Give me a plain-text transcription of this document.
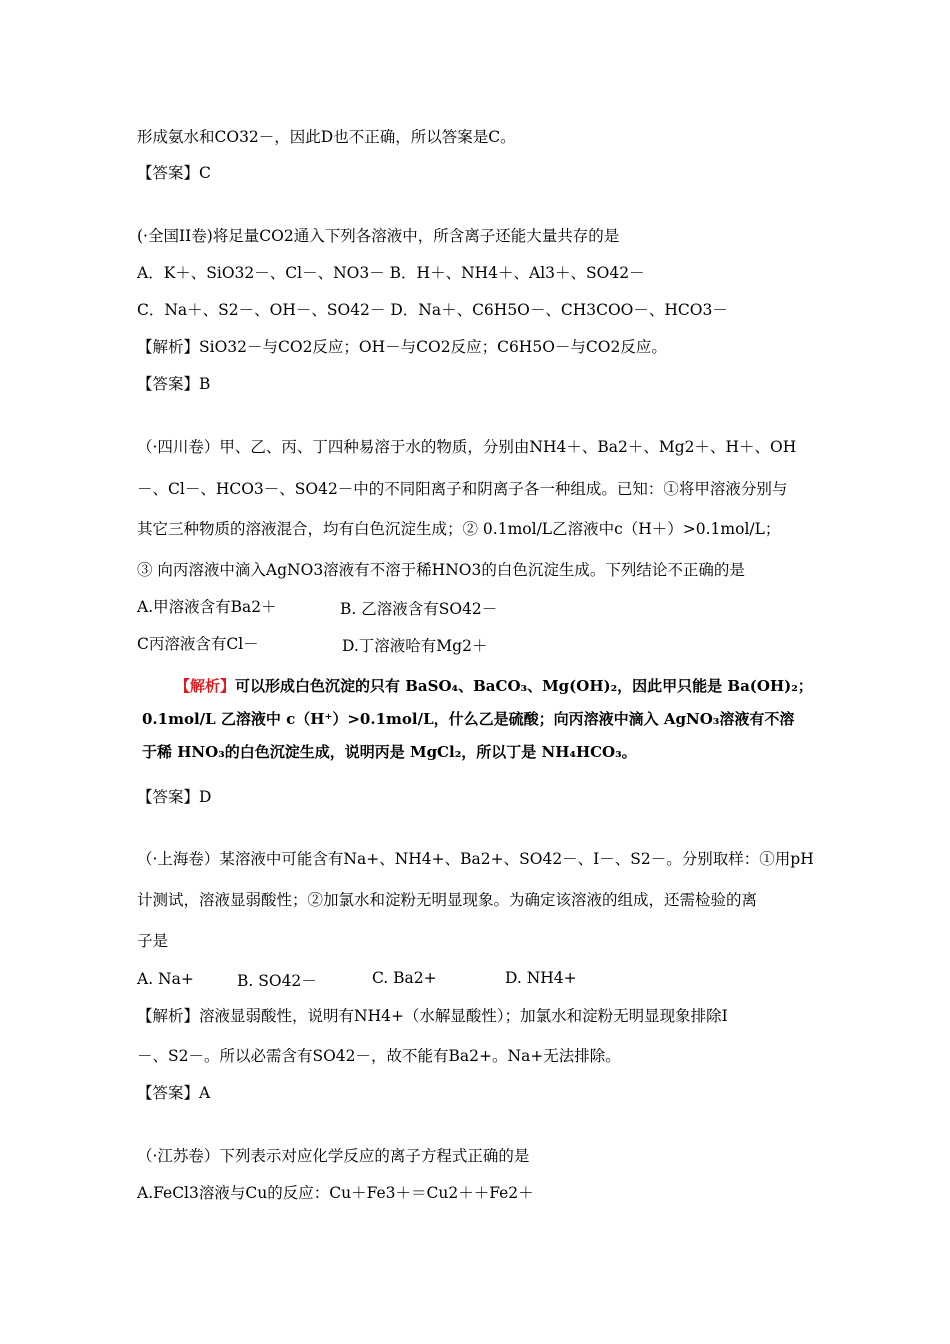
形成氨水和CO32－，因此D也不正确，所以答案是C。
【答案】C
(·全国II卷)将足量CO2通入下列各溶液中，所含离子还能大量共存的是
A．K＋、SiO32－、Cl－、NO3－ B．H＋、NH4＋、Al3＋、SO42－
C．Na＋、S2－、OH－、SO42－ D．Na＋、C6H5O－、CH3COO－、HCO3－
【解析】SiO32－与CO2反应；OH－与CO2反应；C6H5O－与CO2反应。
【答案】B
（·四川卷）甲、乙、丙、丁四种易溶于水的物质，分别由NH4＋、Ba2＋、Mg2＋、H＋、OH
－、Cl－、HCO3－、SO42－中的不同阳离子和阴离子各一种组成。已知：①将甲溶液分别与
其它三种物质的溶液混合，均有白色沉淀生成；② 0.1mol/L乙溶液中c（H＋）>0.1mol/L；
③ 向丙溶液中滴入AgNO3溶液有不溶于稀HNO3的白色沉淀生成。下列结论不正确的是
A.甲溶液含有Ba2＋	B. 乙溶液含有SO42－
C丙溶液含有Cl－	D.丁溶液哈有Mg2＋
【解析】可以形成白色沉淀的只有 BaSO₄、BaCO₃、Mg(OH)₂，因此甲只能是 Ba(OH)₂；
0.1mol/L 乙溶液中 c（H⁺）>0.1mol/L，什么乙是硫酸；向丙溶液中滴入 AgNO₃溶液有不溶
于稀 HNO₃的白色沉淀生成，说明丙是 MgCl₂，所以丁是 NH₄HCO₃。
【答案】D
（·上海卷）某溶液中可能含有Na+、NH4+、Ba2+、SO42－、I－、S2－。分别取样：①用pH
计测试，溶液显弱酸性；②加氯水和淀粉无明显现象。为确定该溶液的组成，还需检验的离
子是
A. Na+	B. SO42－	C. Ba2+	D. NH4+
【解析】溶液显弱酸性，说明有NH4+（水解显酸性）；加氯水和淀粉无明显现象排除I
－、S2－。所以必需含有SO42－，故不能有Ba2+。Na+无法排除。
【答案】A
（·江苏卷）下列表示对应化学反应的离子方程式正确的是
A.FeCl3溶液与Cu的反应：Cu＋Fe3＋＝Cu2＋＋Fe2＋
